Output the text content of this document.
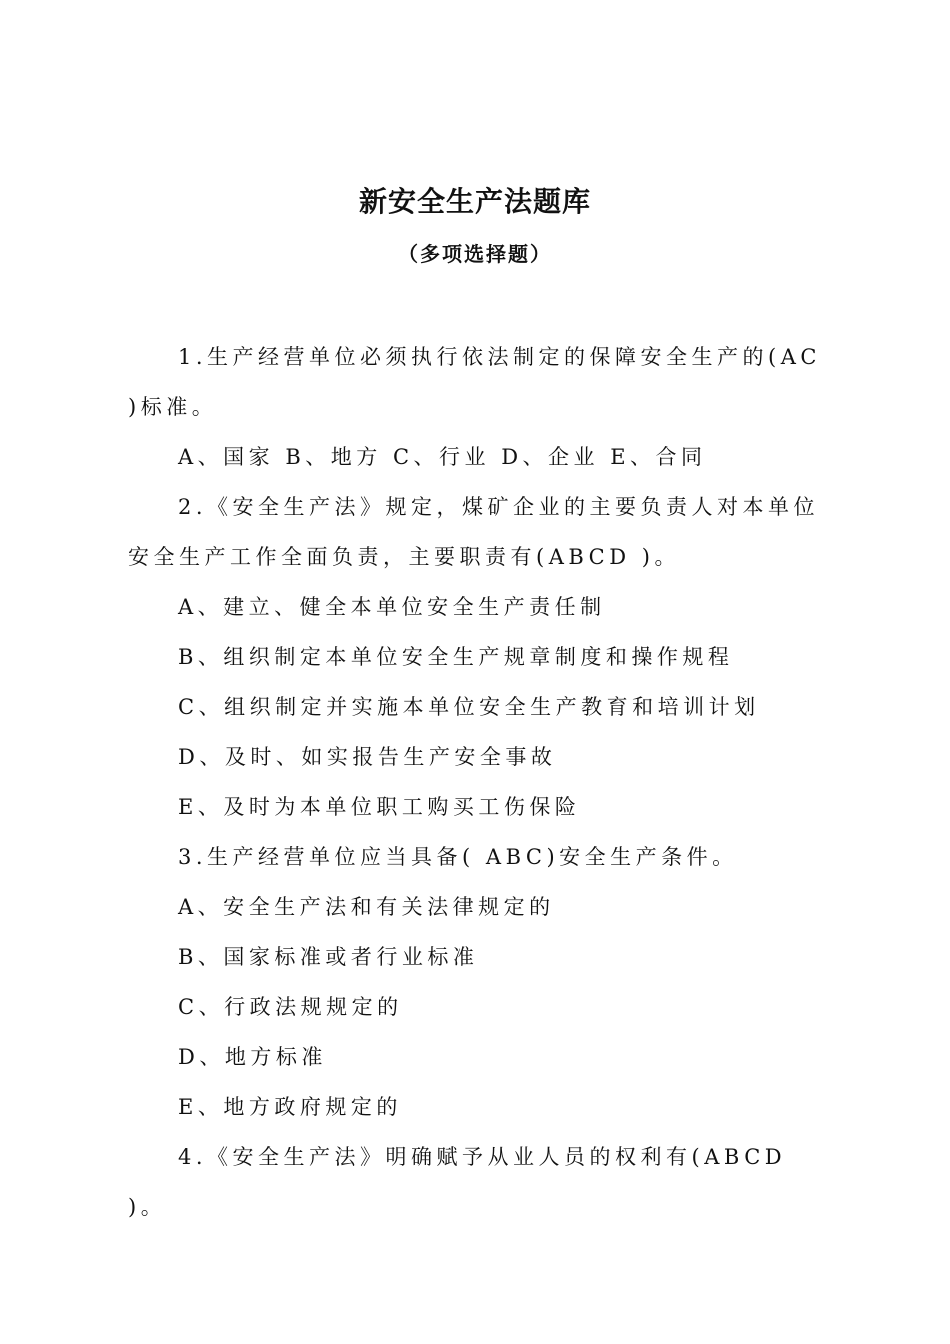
新安全生产法题库
（多项选择题）

1.生产经营单位必须执行依法制定的保障安全生产的(AC )标准。

A、国家 B、地方 C、行业 D、企业 E、合同

2.《安全生产法》规定，煤矿企业的主要负责人对本单位安全生产工作全面负责，主要职责有(ABCD )。

A、建立、健全本单位安全生产责任制

B、组织制定本单位安全生产规章制度和操作规程

C、组织制定并实施本单位安全生产教育和培训计划

D、及时、如实报告生产安全事故

E、及时为本单位职工购买工伤保险

3.生产经营单位应当具备( ABC)安全生产条件。

A、安全生产法和有关法律规定的

B、国家标准或者行业标准

C、行政法规规定的

D、地方标准

E、地方政府规定的

4.《安全生产法》明确赋予从业人员的权利有(ABCD )。
